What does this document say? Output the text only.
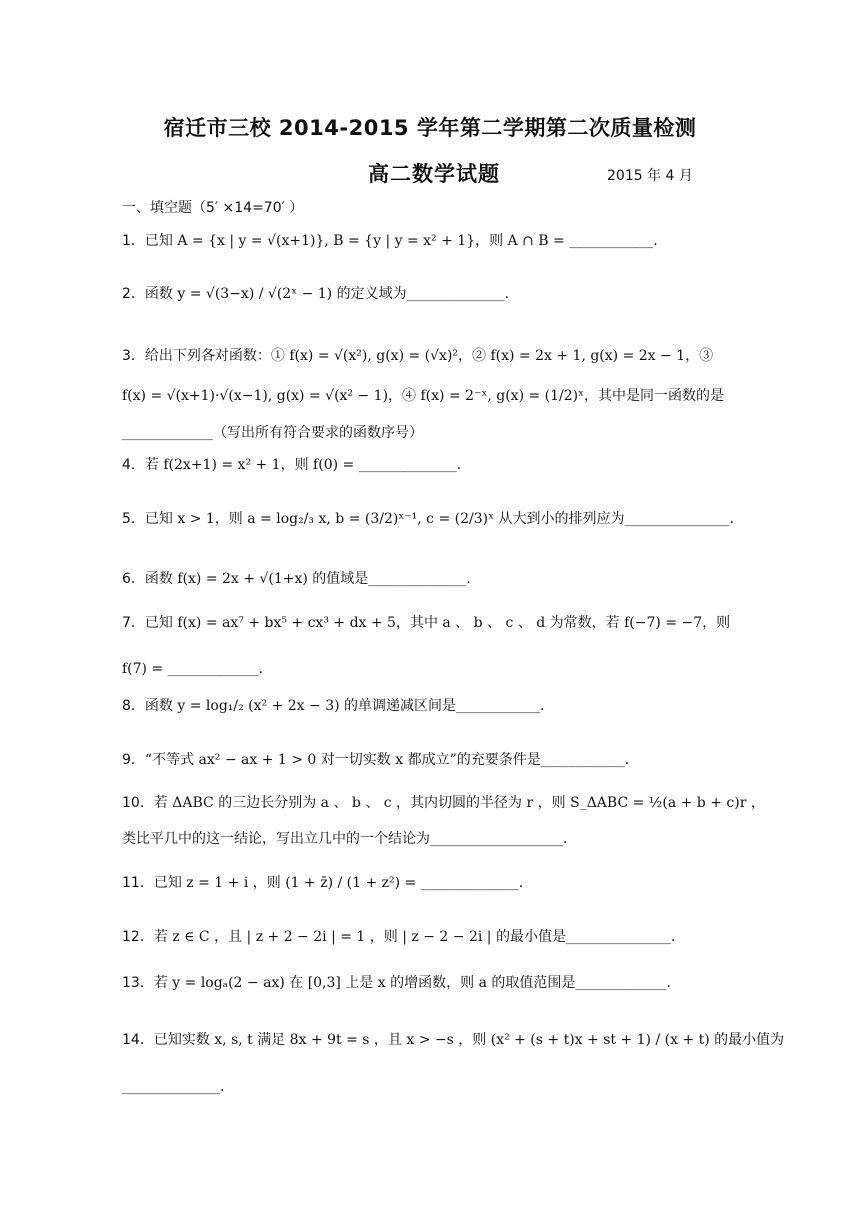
宿迁市三校 2014-2015 学年第二学期第二次质量检测
高二数学试题	2015 年 4 月
一、填空题（5′ ×14=70′ ）
1．已知 A = {x | y = √(x+1)}, B = {y | y = x² + 1}，则 A ∩ B = ____________.
2．函数 y = √(3−x) / √(2ˣ − 1) 的定义域为______________.
3．给出下列各对函数：① f(x) = √(x²), g(x) = (√x)²，② f(x) = 2x + 1, g(x) = 2x − 1，③
f(x) = √(x+1)·√(x−1), g(x) = √(x² − 1)，④ f(x) = 2⁻ˣ, g(x) = (1/2)ˣ，其中是同一函数的是
_____________（写出所有符合要求的函数序号）
4．若 f(2x+1) = x² + 1，则 f(0) = ______________.
5．已知 x > 1，则 a = log₂/₃ x, b = (3/2)ˣ⁻¹, c = (2/3)ˣ 从大到小的排列应为_______________.
6．函数 f(x) = 2x + √(1+x) 的值域是______________.
7．已知 f(x) = ax⁷ + bx⁵ + cx³ + dx + 5，其中 a 、 b 、 c 、 d 为常数，若 f(−7) = −7，则
f(7) = _____________.
8．函数 y = log₁/₂ (x² + 2x − 3) 的单调递减区间是____________.
9．“不等式 ax² − ax + 1 > 0 对一切实数 x 都成立”的充要条件是____________.
10．若 ΔABC 的三边长分别为 a 、 b 、 c ，其内切圆的半径为 r ，则 S_ΔABC = ½(a + b + c)r ，
类比平几中的这一结论，写出立几中的一个结论为___________________.
11．已知 z = 1 + i ，则 (1 + z̄) / (1 + z²) = ______________.
12．若 z ∈ C ，且 | z + 2 − 2i | = 1 ，则 | z − 2 − 2i | 的最小值是_______________.
13．若 y = logₐ(2 − ax) 在 [0,3] 上是 x 的增函数，则 a 的取值范围是_____________.
14．已知实数 x, s, t 满足 8x + 9t = s ，且 x > −s ，则 (x² + (s + t)x + st + 1) / (x + t) 的最小值为
______________.
